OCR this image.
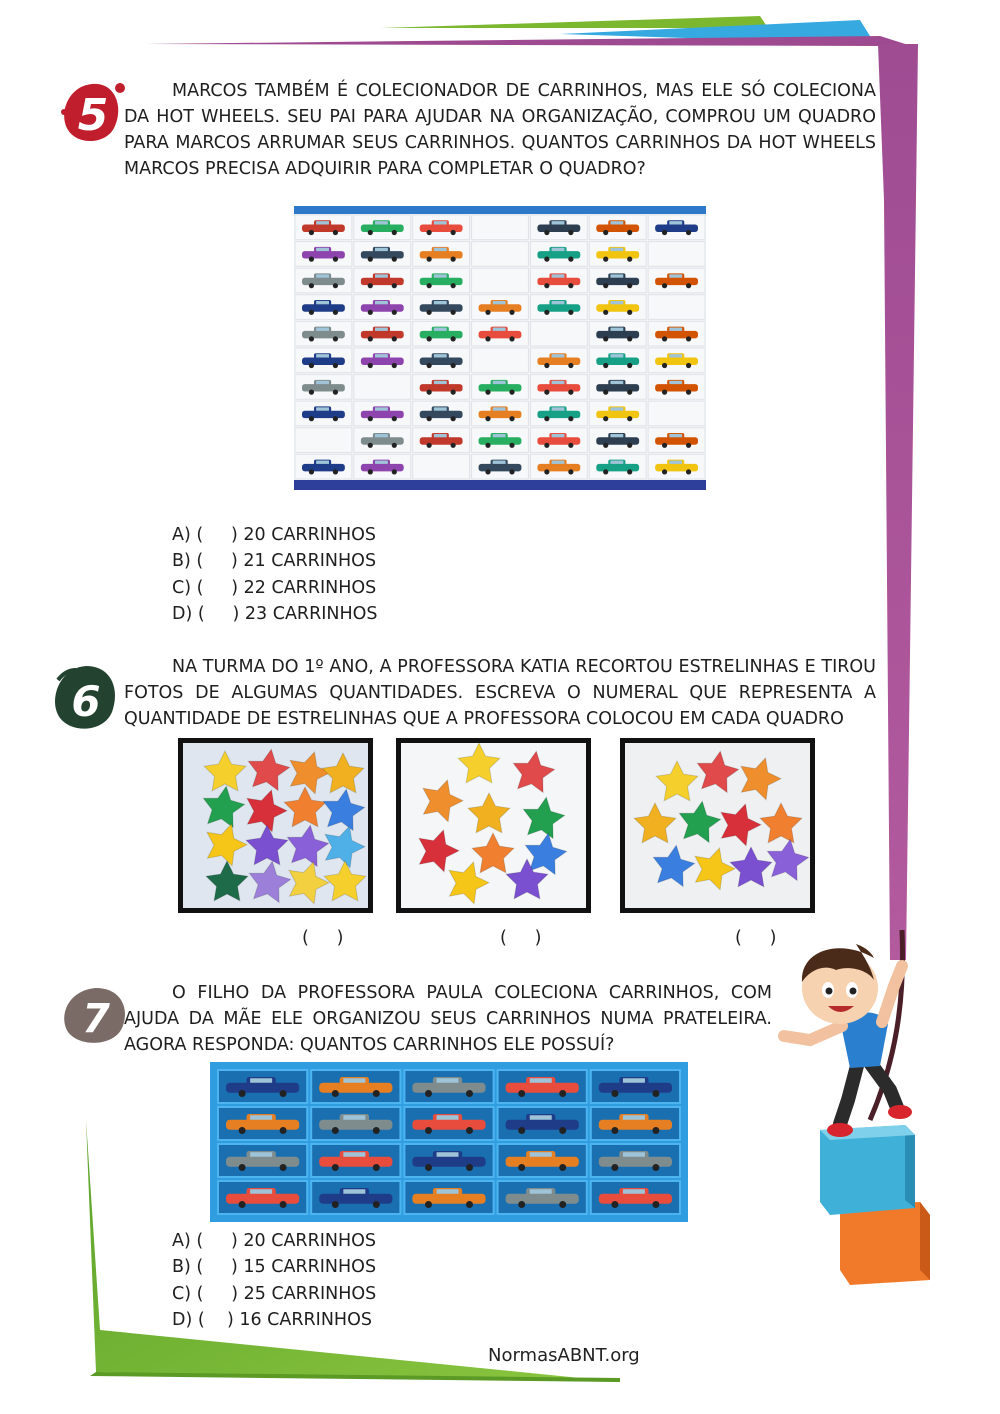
5	MARCOS TAMBÉM É COLECIONADOR DE CARRINHOS, MAS ELE SÓ COLECIONA DA HOT WHEELS. SEU PAI PARA AJUDAR NA ORGANIZAÇÃO, COMPROU UM QUADRO PARA MARCOS ARRUMAR SEUS CARRINHOS. QUANTOS CARRINHOS DA HOT WHEELS MARCOS PRECISA ADQUIRIR PARA COMPLETAR O QUADRO?
A) (     ) 20 CARRINHOS
B) (     ) 21 CARRINHOS
C) (     ) 22 CARRINHOS
D) (     ) 23 CARRINHOS
6
NA TURMA DO 1º ANO, A PROFESSORA KATIA RECORTOU ESTRELINHAS E TIROU FOTOS DE ALGUMAS QUANTIDADES. ESCREVA O NUMERAL QUE REPRESENTA A QUANTIDADE DE ESTRELINHAS QUE A PROFESSORA COLOCOU EM CADA QUADRO
(     )	(     )	(     )
7
O FILHO DA PROFESSORA PAULA COLECIONA CARRINHOS, COM AJUDA DA MÃE ELE ORGANIZOU SEUS CARRINHOS NUMA PRATELEIRA. AGORA RESPONDA: QUANTOS CARRINHOS ELE POSSUÍ?
A) (     ) 20 CARRINHOS
B) (     ) 15 CARRINHOS
C) (     ) 25 CARRINHOS
D) (    ) 16 CARRINHOS
NormasABNT.org
